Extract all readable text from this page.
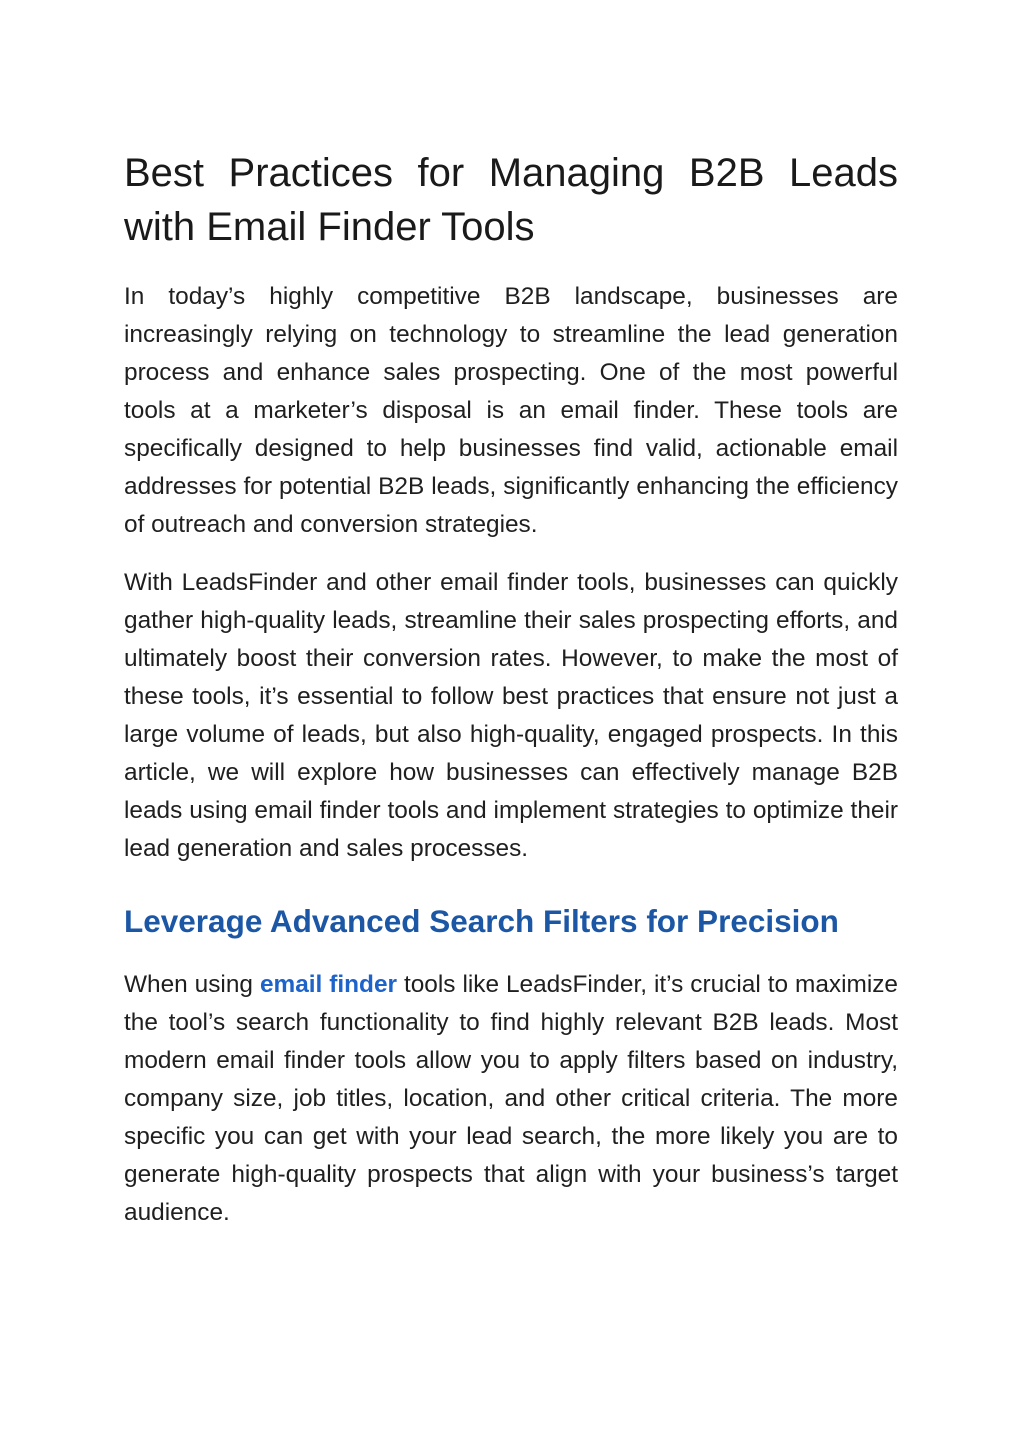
Best Practices for Managing B2B Leads with Email Finder Tools

In today’s highly competitive B2B landscape, businesses are increasingly relying on technology to streamline the lead generation process and enhance sales prospecting. One of the most powerful tools at a marketer’s disposal is an email finder. These tools are specifically designed to help businesses find valid, actionable email addresses for potential B2B leads, significantly enhancing the efficiency of outreach and conversion strategies.

With LeadsFinder and other email finder tools, businesses can quickly gather high-quality leads, streamline their sales prospecting efforts, and ultimately boost their conversion rates. However, to make the most of these tools, it’s essential to follow best practices that ensure not just a large volume of leads, but also high-quality, engaged prospects. In this article, we will explore how businesses can effectively manage B2B leads using email finder tools and implement strategies to optimize their lead generation and sales processes.

Leverage Advanced Search Filters for Precision

When using email finder tools like LeadsFinder, it’s crucial to maximize the tool’s search functionality to find highly relevant B2B leads. Most modern email finder tools allow you to apply filters based on industry, company size, job titles, location, and other critical criteria. The more specific you can get with your lead search, the more likely you are to generate high-quality prospects that align with your business’s target audience.
